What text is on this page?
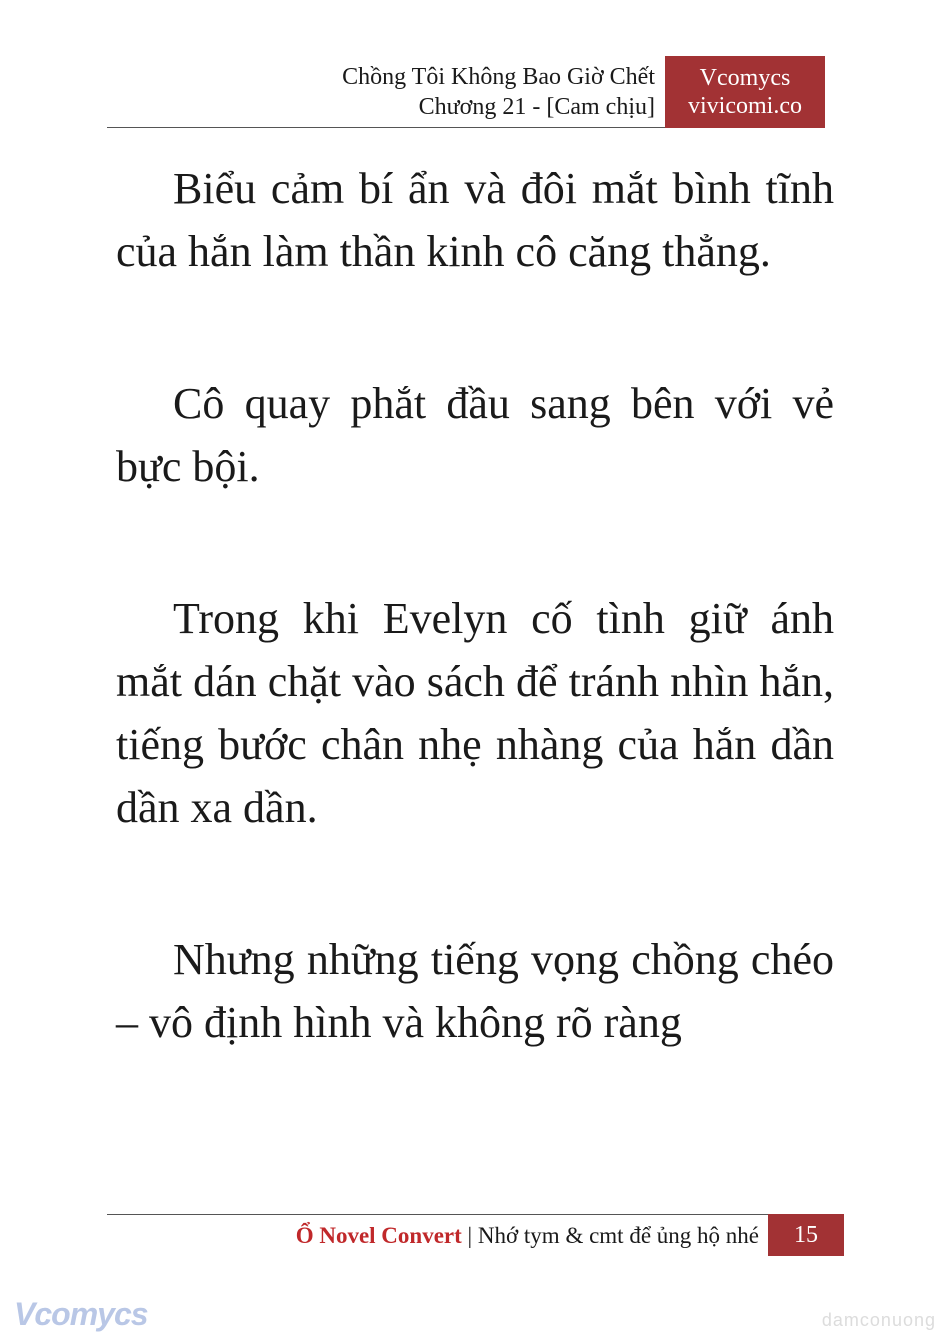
Chồng Tôi Không Bao Giờ Chết
Chương 21 - [Cam chịu]
Vcomycs
vivicomi.co

Biểu cảm bí ẩn và đôi mắt bình tĩnh của hắn làm thần kinh cô căng thẳng.

Cô quay phắt đầu sang bên với vẻ bực bội.

Trong khi Evelyn cố tình giữ ánh mắt dán chặt vào sách để tránh nhìn hắn, tiếng bước chân nhẹ nhàng của hắn dần dần xa dần.

Nhưng những tiếng vọng chồng chéo – vô định hình và không rõ ràng

Ổ Novel Convert | Nhớ tym & cmt để ủng hộ nhé	15
Vcomycs	damconuong
